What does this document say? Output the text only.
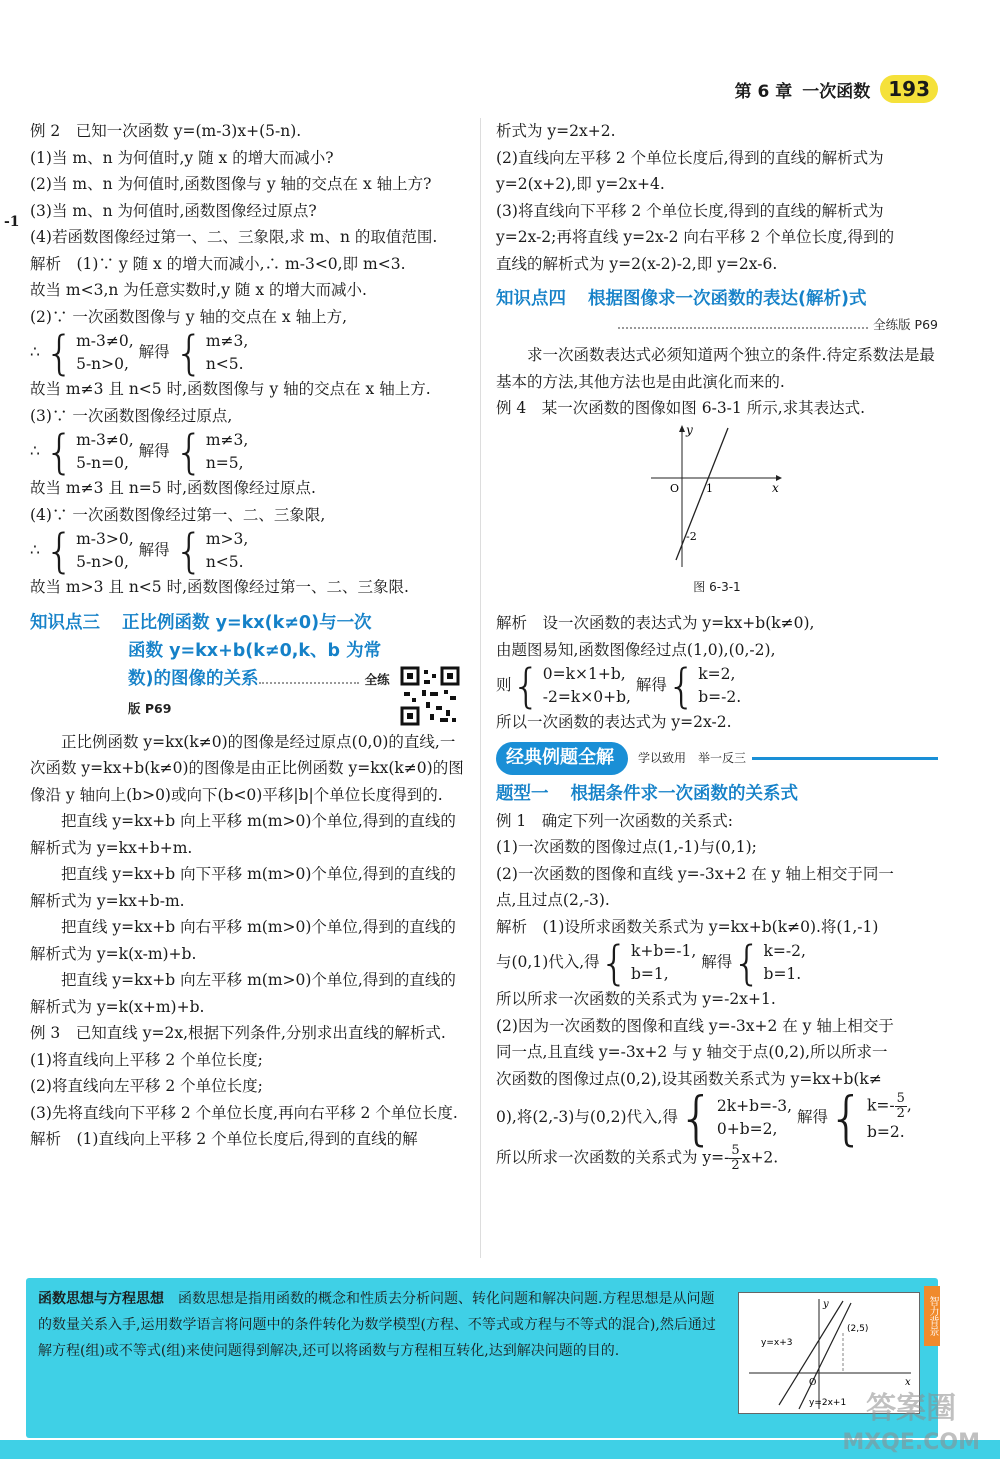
-1
第 6 章 一次函数 193
例 2　已知一次函数 y=(m-3)x+(5-n).
(1)当 m、n 为何值时,y 随 x 的增大而减小?
(2)当 m、n 为何值时,函数图像与 y 轴的交点在 x 轴上方?
(3)当 m、n 为何值时,函数图像经过原点?
(4)若函数图像经过第一、二、三象限,求 m、n 的取值范围.
解析　(1)∵ y 随 x 的增大而减小,∴ m-3<0,即 m<3.
故当 m<3,n 为任意实数时,y 随 x 的增大而减小.
(2)∵ 一次函数图像与 y 轴的交点在 x 轴上方,
∴ { m-3≠0,
5-n>0,
解得 { m≠3,
n<5.
故当 m≠3 且 n<5 时,函数图像与 y 轴的交点在 x 轴上方.
(3)∵ 一次函数图像经过原点,
∴ { m-3≠0,
5-n=0,
解得 { m≠3,
n=5,
故当 m≠3 且 n=5 时,函数图像经过原点.
(4)∵ 一次函数图像经过第一、二、三象限,
∴ { m-3>0,
5-n>0,
解得 { m>3,
n<5.
故当 m>3 且 n<5 时,函数图像经过第一、二、三象限.
知识点三 正比例函数 y=kx(k≠0)与一次
函数 y=kx+b(k≠0,k、b 为常
数)的图像的关系	全练版 P69
正比例函数 y=kx(k≠0)的图像是经过原点(0,0)的直线,一次函数 y=kx+b(k≠0)的图像是由正比例函数 y=kx(k≠0)的图像沿 y 轴向上(b>0)或向下(b<0)平移|b|个单位长度得到的.
把直线 y=kx+b 向上平移 m(m>0)个单位,得到的直线的解析式为 y=kx+b+m.
把直线 y=kx+b 向下平移 m(m>0)个单位,得到的直线的解析式为 y=kx+b-m.
把直线 y=kx+b 向右平移 m(m>0)个单位,得到的直线的解析式为 y=k(x-m)+b.
把直线 y=kx+b 向左平移 m(m>0)个单位,得到的直线的解析式为 y=k(x+m)+b.
例 3　已知直线 y=2x,根据下列条件,分别求出直线的解析式.
(1)将直线向上平移 2 个单位长度;
(2)将直线向左平移 2 个单位长度;
(3)先将直线向下平移 2 个单位长度,再向右平移 2 个单位长度.
解析　(1)直线向上平移 2 个单位长度后,得到的直线的解
析式为 y=2x+2.
(2)直线向左平移 2 个单位长度后,得到的直线的解析式为
y=2(x+2),即 y=2x+4.
(3)将直线向下平移 2 个单位长度,得到的直线的解析式为
y=2x-2;再将直线 y=2x-2 向右平移 2 个单位长度,得到的
直线的解析式为 y=2(x-2)-2,即 y=2x-6.
知识点四 根据图像求一次函数的表达(解析)式
全练版 P69
求一次函数表达式必须知道两个独立的条件.待定系数法是最基本的方法,其他方法也是由此演化而来的.
例 4　某一次函数的图像如图 6-3-1 所示,求其表达式.
x
y
O 1
-2
图 6-3-1
解析　设一次函数的表达式为 y=kx+b(k≠0),
由题图易知,函数图像经过点(1,0),(0,-2),
则 { 0=k×1+b,
-2=k×0+b,
解得 { k=2,
b=-2.
所以一次函数的表达式为 y=2x-2.
经典例题全解	学以致用　举一反三
题型一 根据条件求一次函数的关系式
例 1　确定下列一次函数的关系式:
(1)一次函数的图像过点(1,-1)与(0,1);
(2)一次函数的图像和直线 y=-3x+2 在 y 轴上相交于同一
点,且过点(2,-3).
解析　(1)设所求函数关系式为 y=kx+b(k≠0).将(1,-1)
与(0,1)代入,得 { k+b=-1,
b=1,
解得 { k=-2,
b=1.
所以所求一次函数的关系式为 y=-2x+1.
(2)因为一次函数的图像和直线 y=-3x+2 在 y 轴上相交于
同一点,且直线 y=-3x+2 与 y 轴交于点(0,2),所以所求一
次函数的图像过点(0,2),设其函数关系式为 y=kx+b(k≠
0),将(2,-3)与(0,2)代入,得 { 2k+b=-3,
0+b=2,
解得 { $k=- \frac{5}{2}$ ,
b=2.
所以所求一次函数的关系式为 $y=- \frac{5}{2} x+2$.
函数思想与方程思想 函数思想是指用函数的概念和性质去分析问题、转化问题和解决问题.方程思想是从问题的数量关系入手,运用数学语言将问题中的条件转化为数学模型(方程、不等式或方程与不等式的混合),然后通过解方程(组)或不等式(组)来使问题得到解决,还可以将函数与方程相互转化,达到解决问题的目的.	y=x+3
(2,5)
y=2x+1
x
y
O
智力背景
答案圈
MXQE.COM
